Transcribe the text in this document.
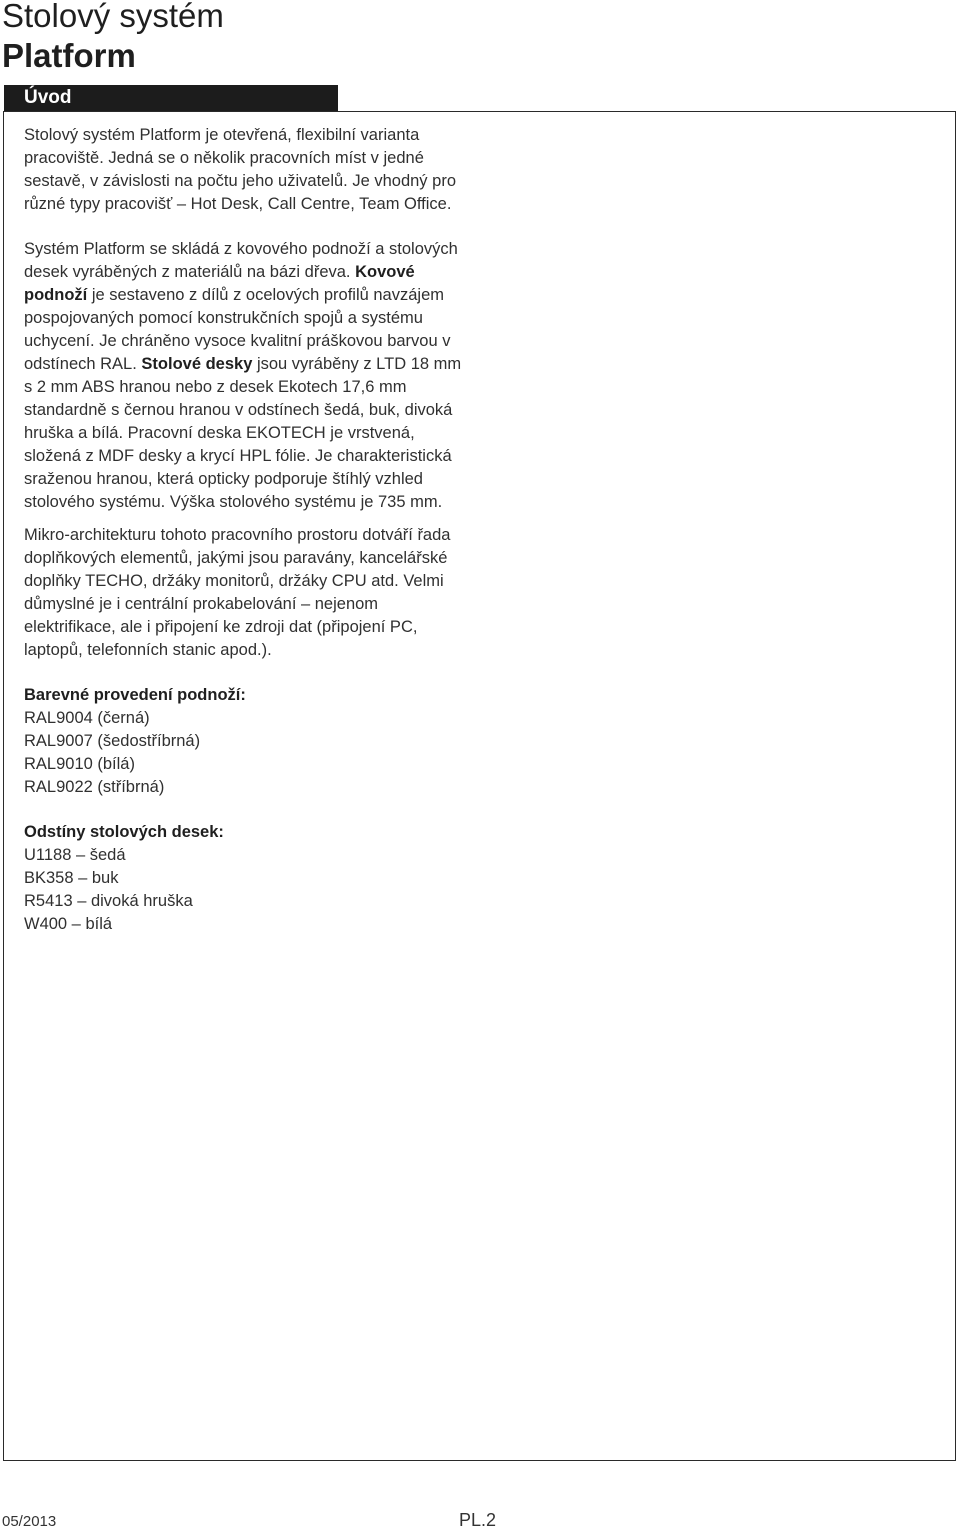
Stolový systém
Platform
Úvod

Stolový systém Platform je otevřená, flexibilní varianta pracoviště. Jedná se o několik pracovních míst v jedné sestavě, v závislosti na počtu jeho uživatelů. Je vhodný pro různé typy pracovišť – Hot Desk, Call Centre, Team Office.

Systém Platform se skládá z kovového podnoží a stolových desek vyráběných z materiálů na bázi dřeva. Kovové podnoží je sestaveno z dílů z ocelových profilů navzájem pospojovaných pomocí konstrukčních spojů a systému uchycení. Je chráněno vysoce kvalitní práškovou barvou v odstínech RAL. Stolové desky jsou vyráběny z LTD 18 mm s 2 mm ABS hranou nebo z desek Ekotech 17,6 mm standardně s černou hranou v odstínech šedá, buk, divoká hruška a bílá. Pracovní deska EKOTECH je vrstvená, složená z MDF desky a krycí HPL fólie. Je charakteristická sraženou hranou, která opticky podporuje štíhlý vzhled stolového systému. Výška stolového systému je 735 mm.

Mikro-architekturu tohoto pracovního prostoru dotváří řada doplňkových elementů, jakými jsou paravány, kancelářské doplňky TECHO, držáky monitorů, držáky CPU atd. Velmi důmyslné je i centrální prokabelování – nejenom elektrifikace, ale i připojení ke zdroji dat (připojení PC, laptopů, telefonních stanic apod.).

Barevné provedení podnoží:
RAL9004 (černá)
RAL9007 (šedostříbrná)
RAL9010 (bílá)
RAL9022 (stříbrná)
Odstíny stolových desek:
U1188 – šedá
BK358 – buk
R5413 – divoká hruška
W400 – bílá
05/2013	PL.2
